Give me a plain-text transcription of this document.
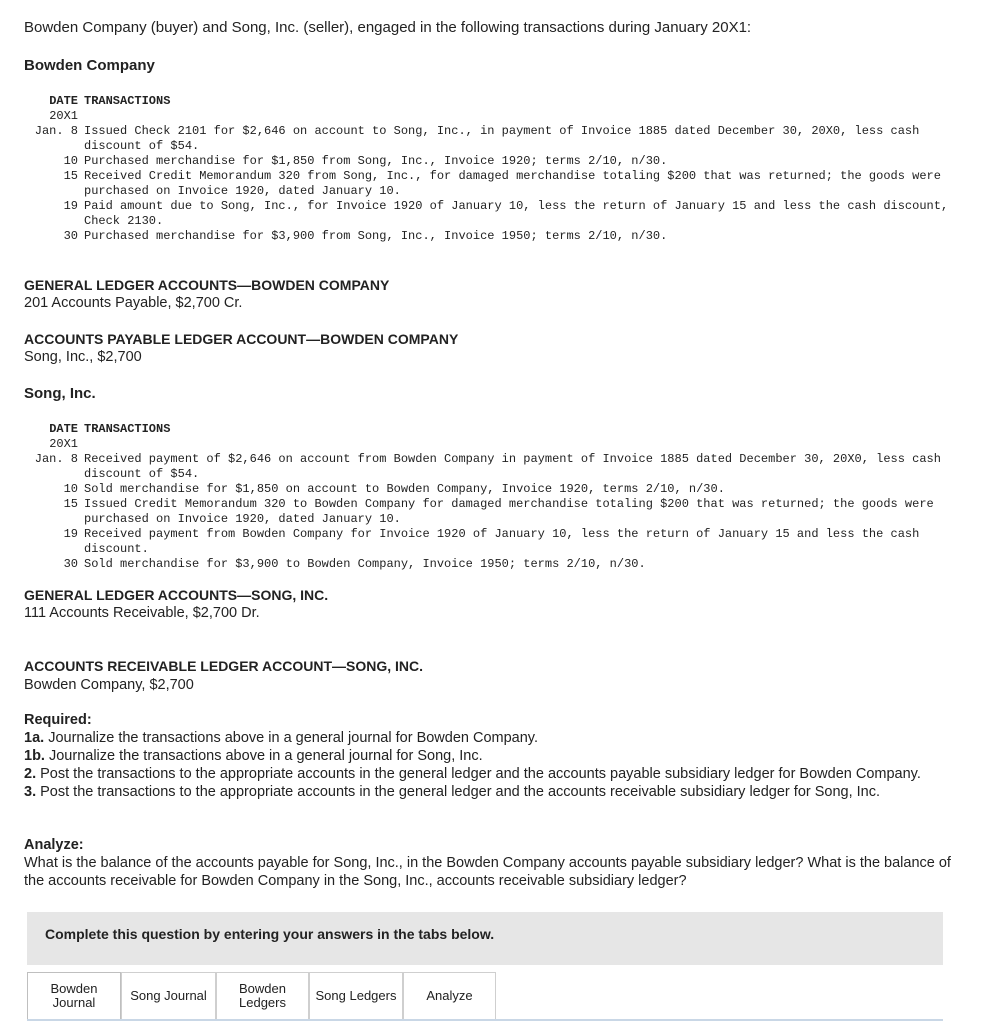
Bowden Company (buyer) and Song, Inc. (seller), engaged in the following transactions during January 20X1:
Bowden Company
DATE	TRANSACTIONS
20X1	
Jan. 8	Issued Check 2101 for $2,646 on account to Song, Inc., in payment of Invoice 1885 dated December 30, 20X0, less cash discount of $54.
10	Purchased merchandise for $1,850 from Song, Inc., Invoice 1920; terms 2/10, n/30.
15	Received Credit Memorandum 320 from Song, Inc., for damaged merchandise totaling $200 that was returned; the goods were purchased on Invoice 1920, dated January 10.
19	Paid amount due to Song, Inc., for Invoice 1920 of January 10, less the return of January 15 and less the cash discount, Check 2130.
30	Purchased merchandise for $3,900 from Song, Inc., Invoice 1950; terms 2/10, n/30.
GENERAL LEDGER ACCOUNTS—BOWDEN COMPANY
201 Accounts Payable, $2,700 Cr.
ACCOUNTS PAYABLE LEDGER ACCOUNT—BOWDEN COMPANY
Song, Inc., $2,700
Song, Inc.
DATE	TRANSACTIONS
20X1	
Jan. 8	Received payment of $2,646 on account from Bowden Company in payment of Invoice 1885 dated December 30, 20X0, less cash discount of $54.
10	Sold merchandise for $1,850 on account to Bowden Company, Invoice 1920, terms 2/10, n/30.
15	Issued Credit Memorandum 320 to Bowden Company for damaged merchandise totaling $200 that was returned; the goods were purchased on Invoice 1920, dated January 10.
19	Received payment from Bowden Company for Invoice 1920 of January 10, less the return of January 15 and less the cash discount.
30	Sold merchandise for $3,900 to Bowden Company, Invoice 1950; terms 2/10, n/30.
GENERAL LEDGER ACCOUNTS—SONG, INC.
111 Accounts Receivable, $2,700 Dr.
ACCOUNTS RECEIVABLE LEDGER ACCOUNT—SONG, INC.
Bowden Company, $2,700
Required:
1a. Journalize the transactions above in a general journal for Bowden Company.
1b. Journalize the transactions above in a general journal for Song, Inc.
2. Post the transactions to the appropriate accounts in the general ledger and the accounts payable subsidiary ledger for Bowden Company.
3. Post the transactions to the appropriate accounts in the general ledger and the accounts receivable subsidiary ledger for Song, Inc.
Analyze:
What is the balance of the accounts payable for Song, Inc., in the Bowden Company accounts payable subsidiary ledger? What is the balance of the accounts receivable for Bowden Company in the Song, Inc., accounts receivable subsidiary ledger?
Complete this question by entering your answers in the tabs below.
Bowden Journal	Song Journal	Bowden Ledgers	Song Ledgers Analyze
